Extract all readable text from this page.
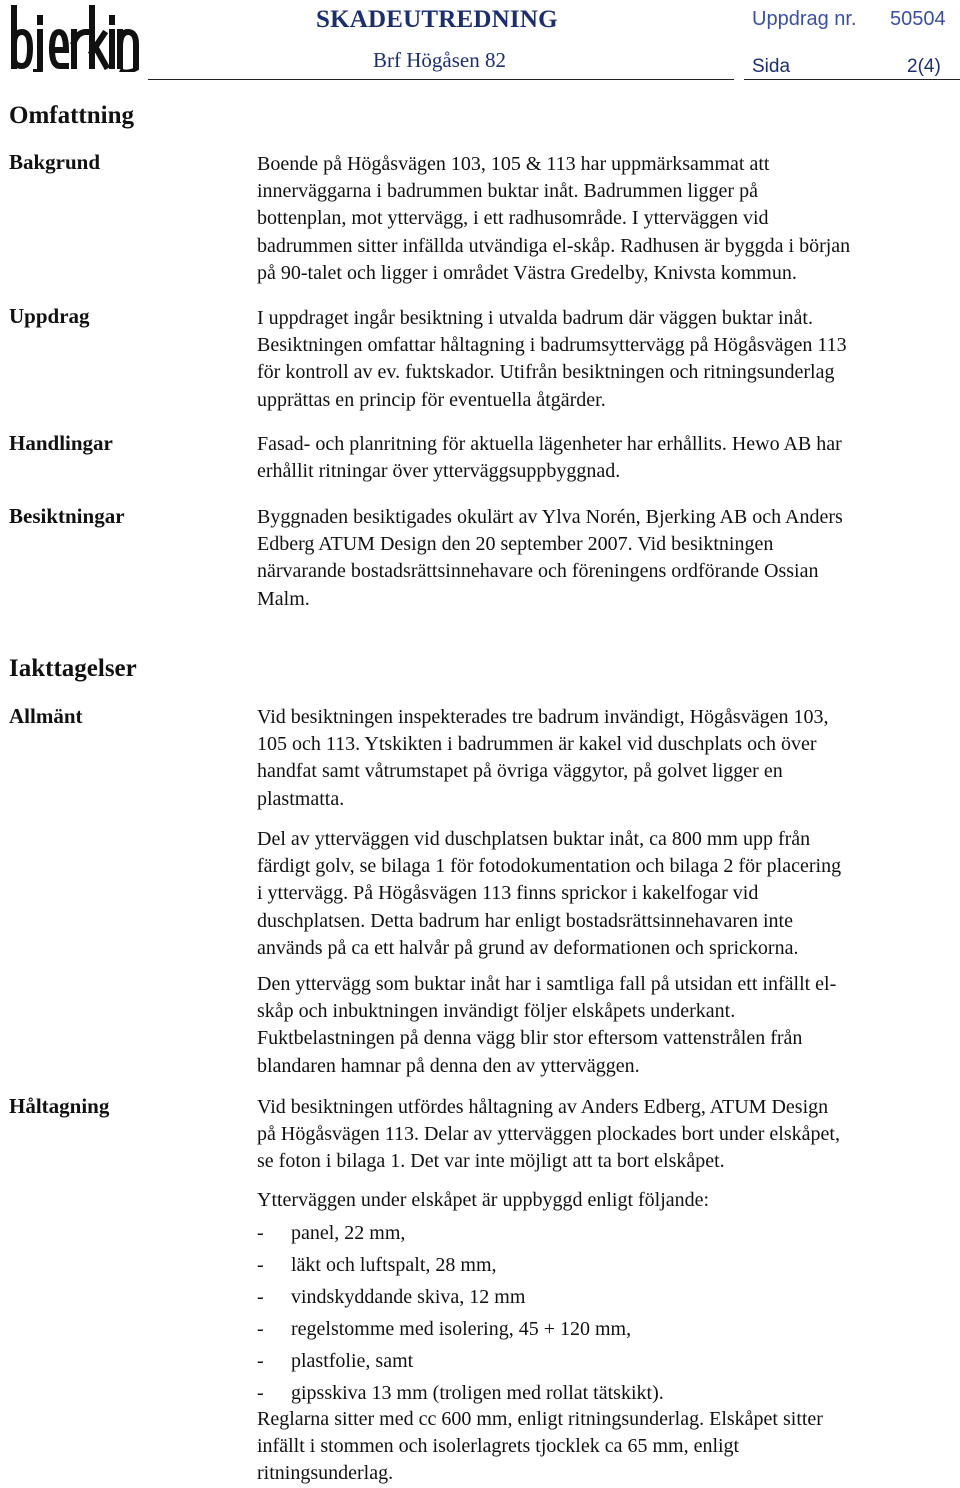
SKADEUTREDNING	Uppdrag nr. 50504
Brf Högåsen 82	Sida	2(4)
Omfattning
Bakgrund	Boende på Högåsvägen 103, 105 & 113 har uppmärksammat att
innerväggarna i badrummen buktar inåt. Badrummen ligger på
bottenplan, mot yttervägg, i ett radhusområde. I ytterväggen vid
badrummen sitter infällda utvändiga el-skåp. Radhusen är byggda i början
på 90-talet och ligger i området Västra Gredelby, Knivsta kommun.
Uppdrag	I uppdraget ingår besiktning i utvalda badrum där väggen buktar inåt.
Besiktningen omfattar håltagning i badrumsyttervägg på Högåsvägen 113
för kontroll av ev. fuktskador. Utifrån besiktningen och ritningsunderlag
upprättas en princip för eventuella åtgärder.
Handlingar	Fasad- och planritning för aktuella lägenheter har erhållits. Hewo AB har
erhållit ritningar över ytterväggsuppbyggnad.
Besiktningar	Byggnaden besiktigades okulärt av Ylva Norén, Bjerking AB och Anders
Edberg ATUM Design den 20 september 2007. Vid besiktningen
närvarande bostadsrättsinnehavare och föreningens ordförande Ossian
Malm.
Iakttagelser
Allmänt	Vid besiktningen inspekterades tre badrum invändigt, Högåsvägen 103,
105 och 113. Ytskikten i badrummen är kakel vid duschplats och över
handfat samt våtrumstapet på övriga väggytor, på golvet ligger en
plastmatta.
Del av ytterväggen vid duschplatsen buktar inåt, ca 800 mm upp från
färdigt golv, se bilaga 1 för fotodokumentation och bilaga 2 för placering
i yttervägg. På Högåsvägen 113 finns sprickor i kakelfogar vid
duschplatsen. Detta badrum har enligt bostadsrättsinnehavaren inte
används på ca ett halvår på grund av deformationen och sprickorna.
Den yttervägg som buktar inåt har i samtliga fall på utsidan ett infällt el-
skåp och inbuktningen invändigt följer elskåpets underkant.
Fuktbelastningen på denna vägg blir stor eftersom vattenstrålen från
blandaren hamnar på denna den av ytterväggen.
Håltagning	Vid besiktningen utfördes håltagning av Anders Edberg, ATUM Design
på Högåsvägen 113. Delar av ytterväggen plockades bort under elskåpet,
se foton i bilaga 1. Det var inte möjligt att ta bort elskåpet.
Ytterväggen under elskåpet är uppbyggd enligt följande:
- panel, 22 mm,
- läkt och luftspalt, 28 mm,
- vindskyddande skiva, 12 mm
- regelstomme med isolering, 45 + 120 mm,
- plastfolie, samt
- gipsskiva 13 mm (troligen med rollat tätskikt).
Reglarna sitter med cc 600 mm, enligt ritningsunderlag. Elskåpet sitter
infällt i stommen och isolerlagrets tjocklek ca 65 mm, enligt
ritningsunderlag.
